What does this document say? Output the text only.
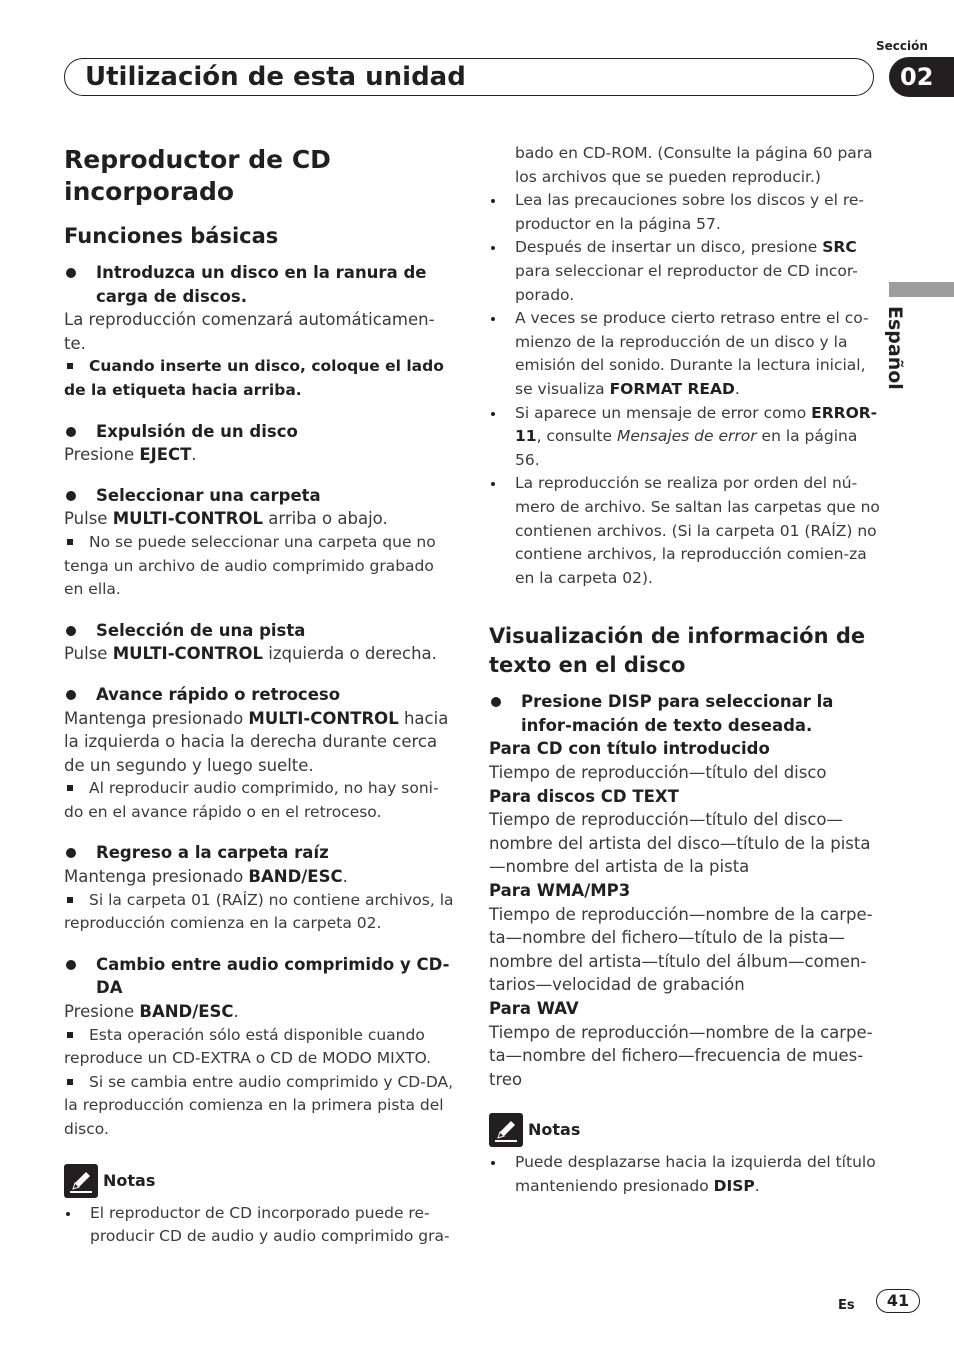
Utilización de esta unidad
Sección
02
Español
Reproductor de CD incorporado
Funciones básicas
Introduzca un disco en la ranura de carga de discos.
La reproducción comenzará automáticamen-te.
Cuando inserte un disco, coloque el lado de la etiqueta hacia arriba.
Expulsión de un disco
Presione EJECT.
Seleccionar una carpeta
Pulse MULTI-CONTROL arriba o abajo.
No se puede seleccionar una carpeta que no tenga un archivo de audio comprimido grabado en ella.
Selección de una pista
Pulse MULTI-CONTROL izquierda o derecha.
Avance rápido o retroceso
Mantenga presionado MULTI-CONTROL hacia la izquierda o hacia la derecha durante cerca de un segundo y luego suelte.
Al reproducir audio comprimido, no hay soni-do en el avance rápido o en el retroceso.
Regreso a la carpeta raíz
Mantenga presionado BAND/ESC.
Si la carpeta 01 (RAÍZ) no contiene archivos, la reproducción comienza en la carpeta 02.
Cambio entre audio comprimido y CD-DA
Presione BAND/ESC.
Esta operación sólo está disponible cuando reproduce un CD-EXTRA o CD de MODO MIXTO.
Si se cambia entre audio comprimido y CD-DA, la reproducción comienza en la primera pista del disco.
Notas
El reproductor de CD incorporado puede re-producir CD de audio y audio comprimido gra-
bado en CD-ROM. (Consulte la página 60 para los archivos que se pueden reproducir.)
Lea las precauciones sobre los discos y el re-productor en la página 57.
Después de insertar un disco, presione SRC para seleccionar el reproductor de CD incor-porado.
A veces se produce cierto retraso entre el co-mienzo de la reproducción de un disco y la emisión del sonido. Durante la lectura inicial, se visualiza FORMAT READ.
Si aparece un mensaje de error como ERROR-11, consulte Mensajes de error en la página 56.
La reproducción se realiza por orden del nú-mero de archivo. Se saltan las carpetas que no contienen archivos. (Si la carpeta 01 (RAÍZ) no contiene archivos, la reproducción comien-za en la carpeta 02).
Visualización de información de texto en el disco
Presione DISP para seleccionar la infor-mación de texto deseada.
Para CD con título introducido
Tiempo de reproducción—título del disco
Para discos CD TEXT
Tiempo de reproducción—título del disco—nombre del artista del disco—título de la pista—nombre del artista de la pista
Para WMA/MP3
Tiempo de reproducción—nombre de la carpe-ta—nombre del fichero—título de la pista—nombre del artista—título del álbum—comen-tarios—velocidad de grabación
Para WAV
Tiempo de reproducción—nombre de la carpe-ta—nombre del fichero—frecuencia de mues-treo
Notas
Puede desplazarse hacia la izquierda del título manteniendo presionado DISP.
Es	41
